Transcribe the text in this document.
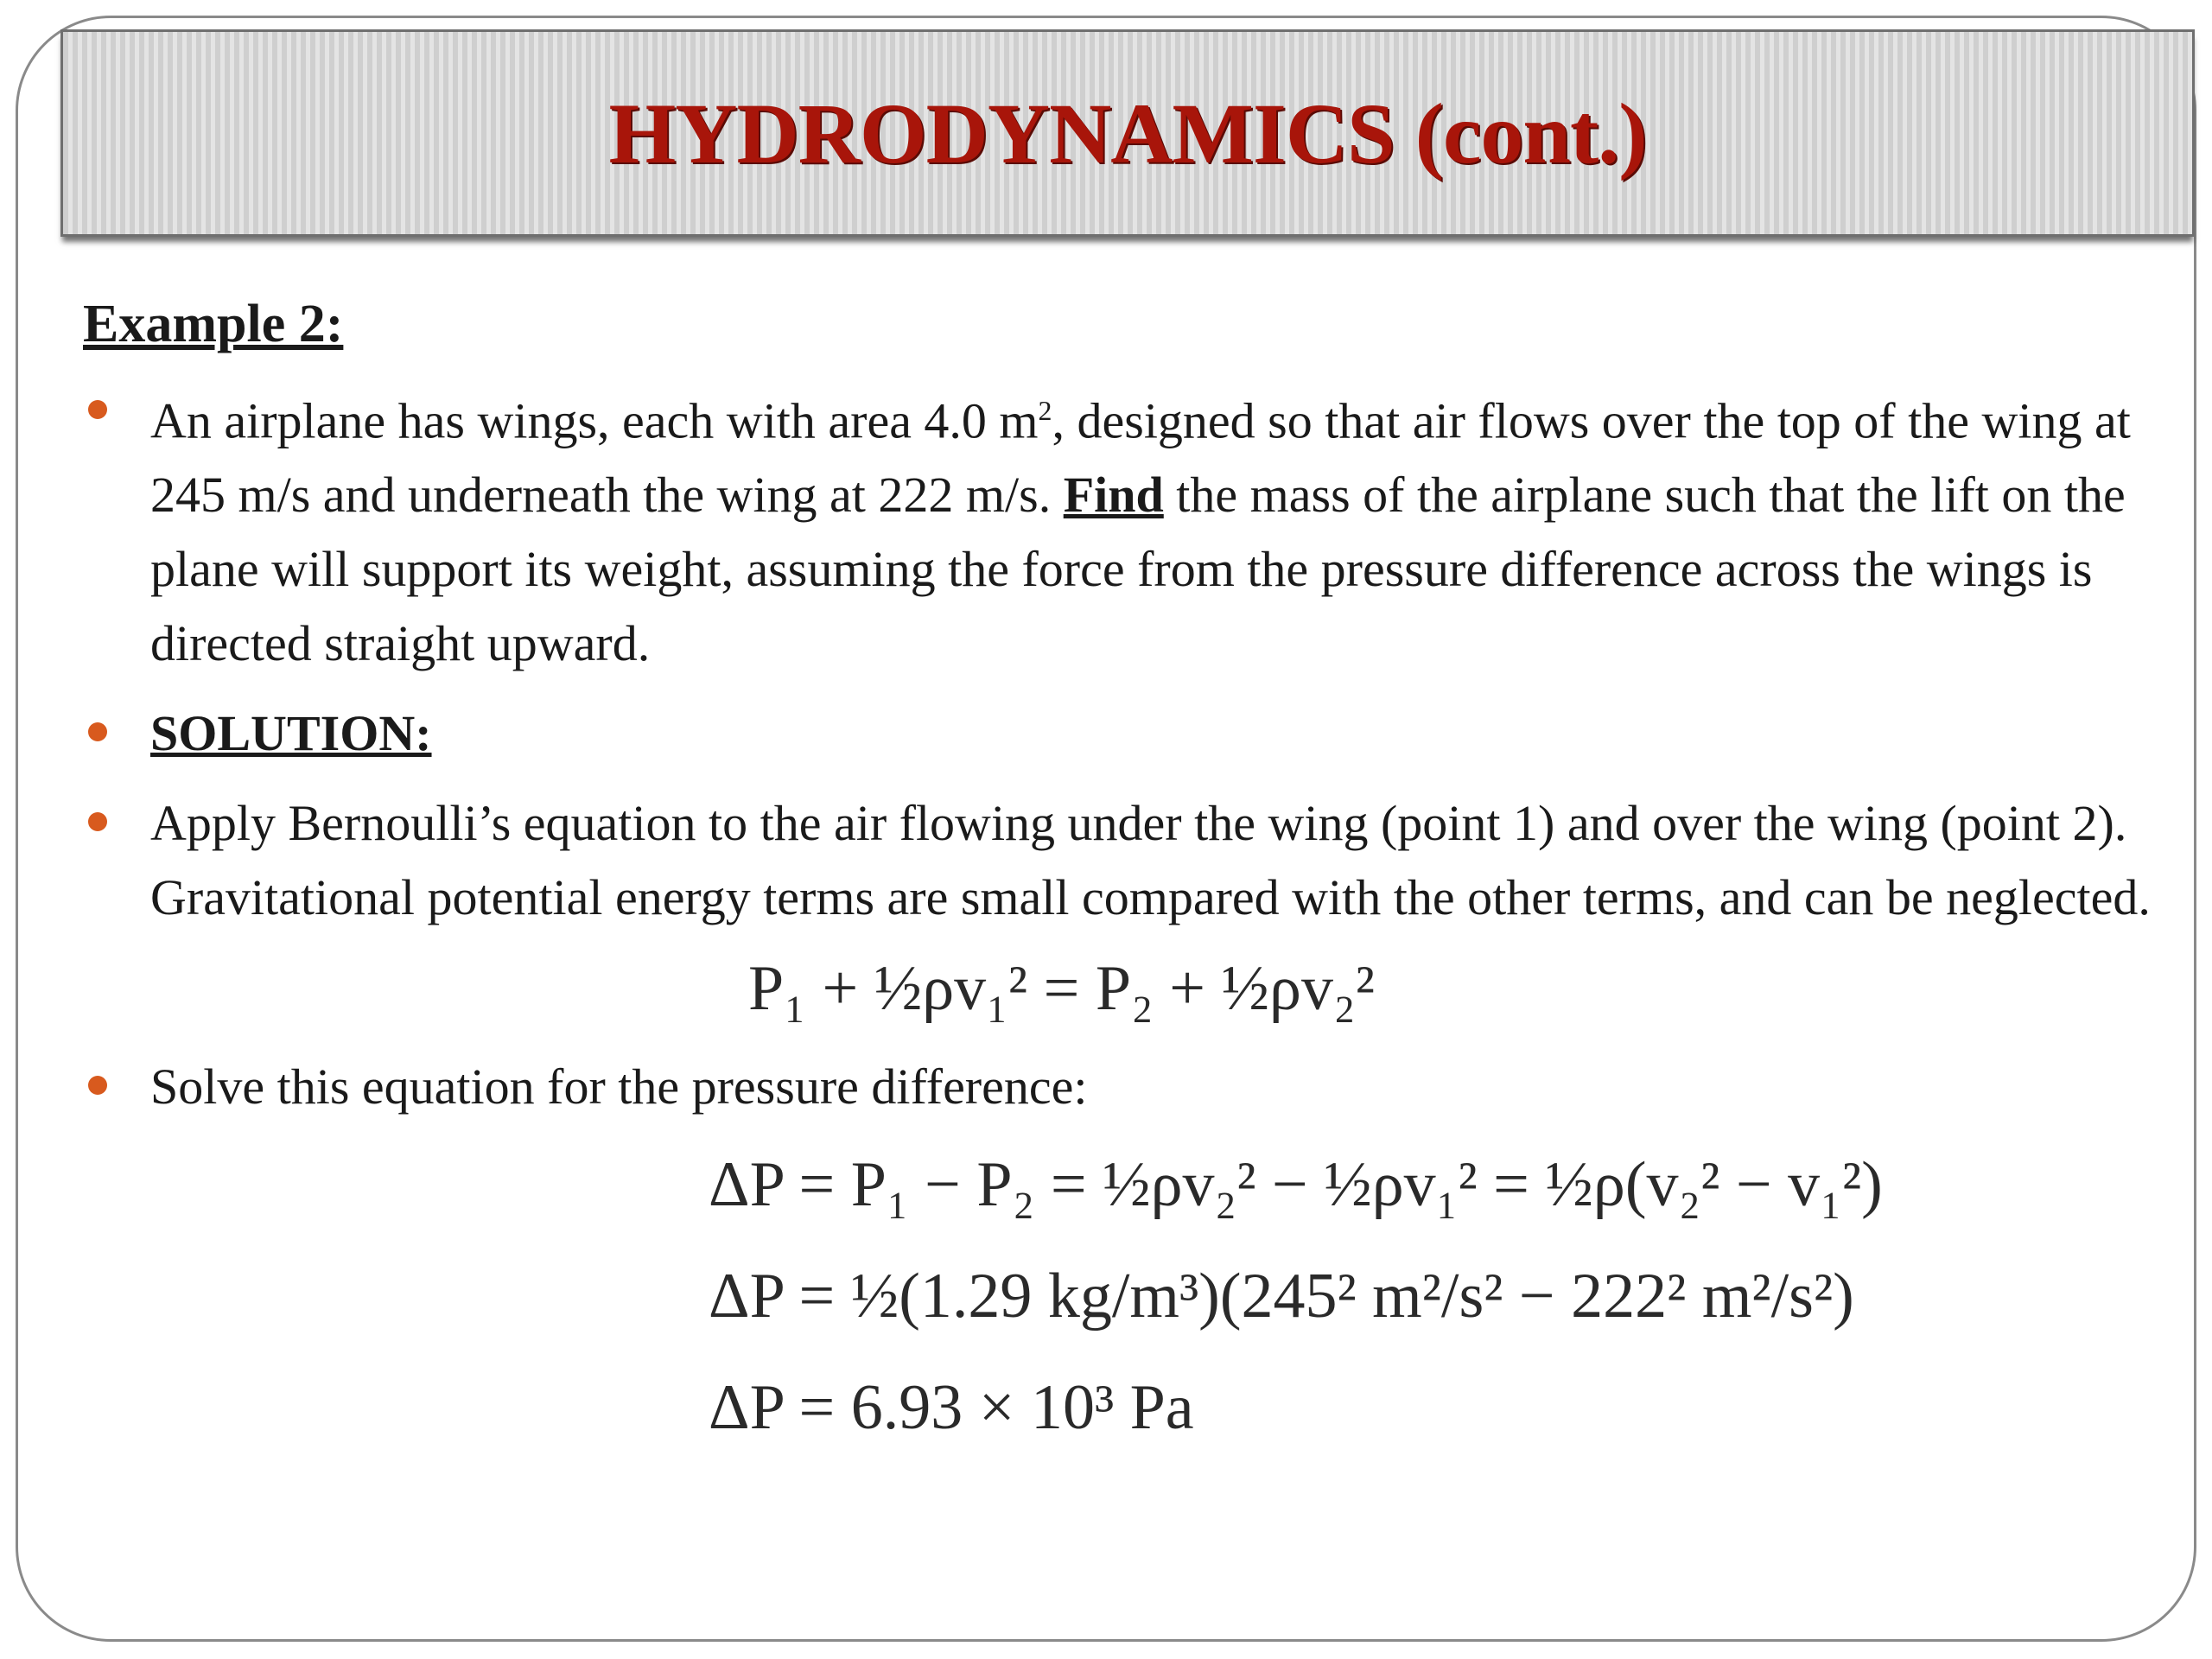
HYDRODYNAMICS (cont.)
Example 2:
An airplane has wings, each with area 4.0 $m^2$, designed so that air flows over the top of the wing at 245 m/s and underneath the wing at 222 m/s. Find the mass of the airplane such that the lift on the plane will support its weight, assuming the force from the pressure difference across the wings is directed straight upward.
SOLUTION:
Apply Bernoulli’s equation to the air flowing under the wing (point 1) and over the wing (point 2). Gravitational potential energy terms are small compared with the other terms, and can be neglected.
P₁ + ½ρv₁² = P₂ + ½ρv₂²
Solve this equation for the pressure difference:
ΔP = P₁ − P₂ = ½ρv₂² − ½ρv₁² = ½ρ(v₂² − v₁²)
ΔP = ½(1.29 kg/m³)(245² m²/s² − 222² m²/s²)
ΔP = 6.93 × 10³ Pa
